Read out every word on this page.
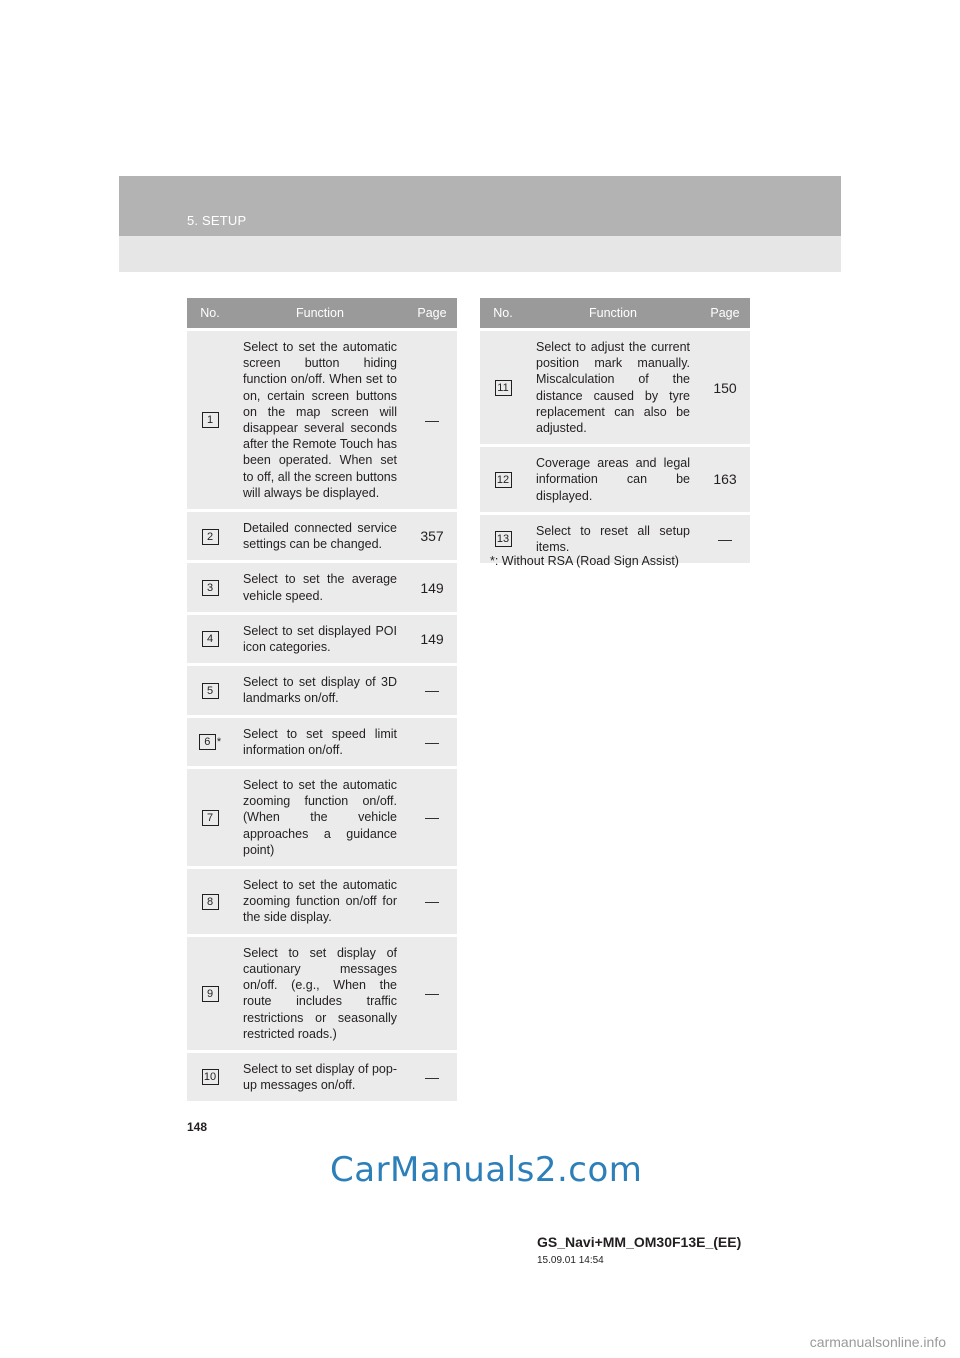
5. SETUP
No.	Function	Page
1	Select to set the automatic screen button hiding function on/off. When set to on, certain screen buttons on the map screen will disappear several seconds after the Remote Touch has been operated. When set to off, all the screen buttons will always be displayed.	—
2	Detailed connected service settings can be changed.	357
3	Select to set the average vehicle speed.	149
4	Select to set displayed POI icon categories.	149
5	Select to set display of 3D landmarks on/off.	—
6 *	Select to set speed limit information on/off.	—
7	Select to set the automatic zooming function on/off. (When the vehicle approaches a guidance point)	—
8	Select to set the automatic zooming function on/off for the side display.	—
9	Select to set display of cautionary messages on/off. (e.g., When the route includes traffic restrictions or seasonally restricted roads.)	—
10	Select to set display of pop-up messages on/off.	—
No.	Function	Page
11	Select to adjust the current position mark manually. Miscalculation of the distance caused by tyre replacement can also be adjusted.	150
12	Coverage areas and legal information can be displayed.	163
13	Select to reset all setup items.	—
*: Without RSA (Road Sign Assist)
148
CarManuals2.com
GS_Navi+MM_OM30F13E_(EE)
15.09.01 14:54
carmanualsonline.info
